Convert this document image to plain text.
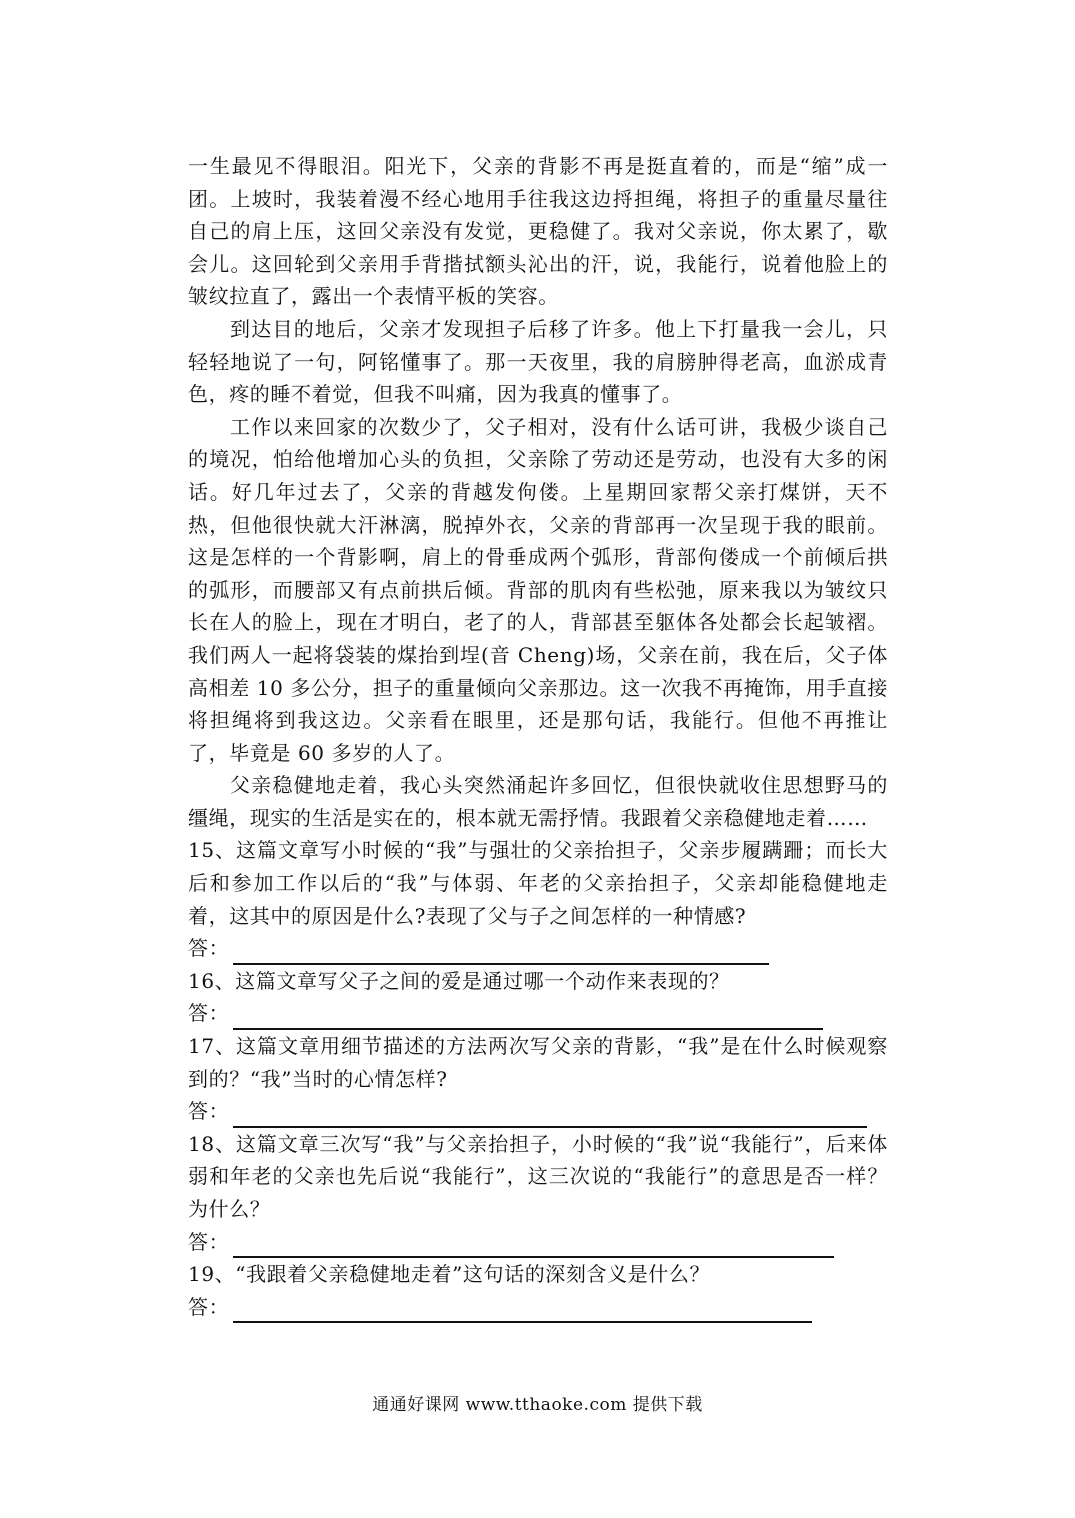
一生最见不得眼泪。阳光下，父亲的背影不再是挺直着的，而是“缩”成一团。上坡时，我装着漫不经心地用手往我这边捋担绳，将担子的重量尽量往自己的肩上压，这回父亲没有发觉，更稳健了。我对父亲说，你太累了，歇会儿。这回轮到父亲用手背揩拭额头沁出的汗，说，我能行，说着他脸上的皱纹拉直了，露出一个表情平板的笑容。

到达目的地后，父亲才发现担子后移了许多。他上下打量我一会儿，只轻轻地说了一句，阿铭懂事了。那一天夜里，我的肩膀肿得老高，血淤成青色，疼的睡不着觉，但我不叫痛，因为我真的懂事了。

工作以来回家的次数少了，父子相对，没有什么话可讲，我极少谈自己的境况，怕给他增加心头的负担，父亲除了劳动还是劳动，也没有大多的闲话。好几年过去了，父亲的背越发佝偻。上星期回家帮父亲打煤饼，天不热，但他很快就大汗淋漓，脱掉外衣，父亲的背部再一次呈现于我的眼前。这是怎样的一个背影啊，肩上的骨垂成两个弧形，背部佝偻成一个前倾后拱的弧形，而腰部又有点前拱后倾。背部的肌肉有些松弛，原来我以为皱纹只长在人的脸上，现在才明白，老了的人，背部甚至躯体各处都会长起皱褶。我们两人一起将袋装的煤抬到埕(音 Cheng)场，父亲在前，我在后，父子体高相差 10 多公分，担子的重量倾向父亲那边。这一次我不再掩饰，用手直接将担绳将到我这边。父亲看在眼里，还是那句话，我能行。但他不再推让了，毕竟是 60 多岁的人了。

父亲稳健地走着，我心头突然涌起许多回忆，但很快就收住思想野马的缰绳，现实的生活是实在的，根本就无需抒情。我跟着父亲稳健地走着……

15、这篇文章写小时候的“我”与强壮的父亲抬担子，父亲步履蹒跚；而长大后和参加工作以后的“我”与体弱、年老的父亲抬担子，父亲却能稳健地走着，这其中的原因是什么?表现了父与子之间怎样的一种情感?

答：

16、这篇文章写父子之间的爱是通过哪一个动作来表现的？

答：

17、这篇文章用细节描述的方法两次写父亲的背影，“我”是在什么时候观察到的？“我”当时的心情怎样?

答：

18、这篇文章三次写“我”与父亲抬担子，小时候的“我”说“我能行”，后来体弱和年老的父亲也先后说“我能行”，这三次说的“我能行”的意思是否一样？为什么？

答：

19、“我跟着父亲稳健地走着”这句话的深刻含义是什么？

答：
通通好课网 www.tthaoke.com 提供下载
